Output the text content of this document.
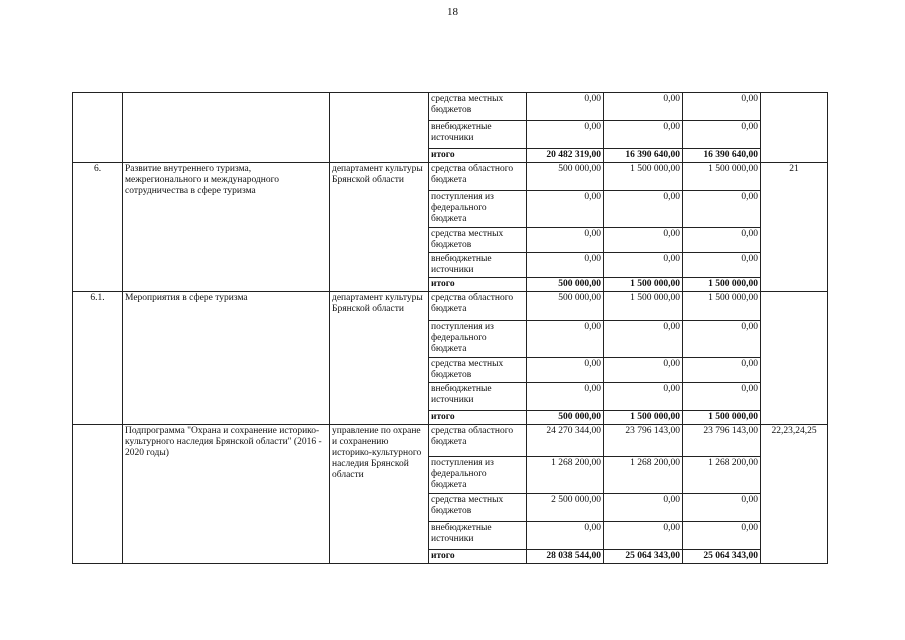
18
			средства местных бюджетов	0,00	0,00	0,00	
			внебюджетные источники	0,00	0,00	0,00	
			итого	20 482 319,00	16 390 640,00	16 390 640,00	
6.	Развитие внутреннего туризма, межрегионального и международного сотрудничества в сфере туризма	департамент культуры Брянской области	средства областного бюджета	500 000,00	1 500 000,00	1 500 000,00	21
			поступления из федерального бюджета	0,00	0,00	0,00	
			средства местных бюджетов	0,00	0,00	0,00	
			внебюджетные источники	0,00	0,00	0,00	
			итого	500 000,00	1 500 000,00	1 500 000,00	
6.1.	Мероприятия в сфере туризма	департамент культуры Брянской области	средства областного бюджета	500 000,00	1 500 000,00	1 500 000,00	
			поступления из федерального бюджета	0,00	0,00	0,00	
			средства местных бюджетов	0,00	0,00	0,00	
			внебюджетные источники	0,00	0,00	0,00	
			итого	500 000,00	1 500 000,00	1 500 000,00	
	Подпрограмма "Охрана и сохранение историко-культурного наследия Брянской области" (2016 - 2020 годы)	управление по охране и сохранению историко-культурного наследия Брянской области	средства областного бюджета	24 270 344,00	23 796 143,00	23 796 143,00	22,23,24,25
			поступления из федерального бюджета	1 268 200,00	1 268 200,00	1 268 200,00	
			средства местных бюджетов	2 500 000,00	0,00	0,00	
			внебюджетные источники	0,00	0,00	0,00	
			итого	28 038 544,00	25 064 343,00	25 064 343,00	
